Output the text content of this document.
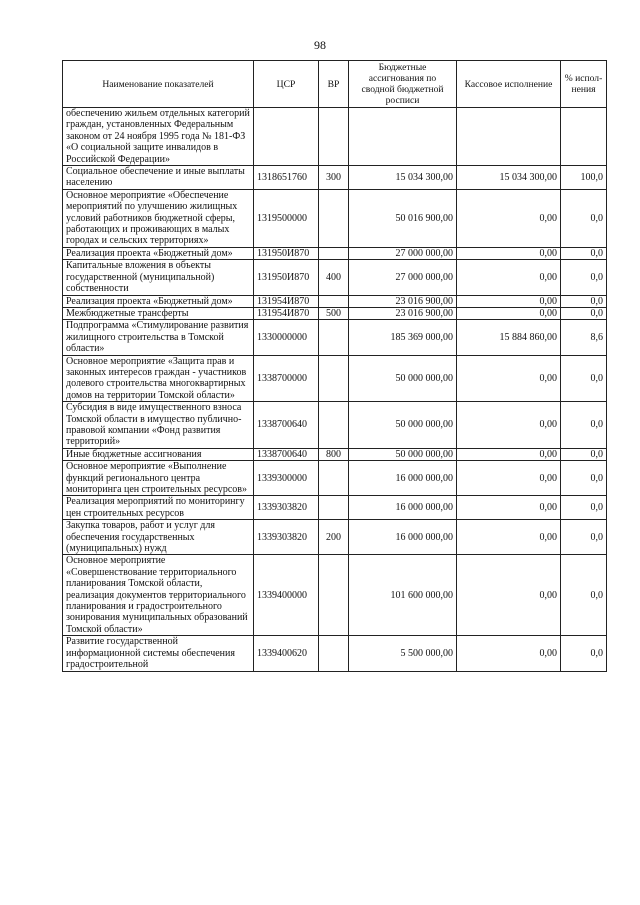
98
Наименование показателей	ЦСР	ВР	Бюджетные ассигнования по сводной бюджетной росписи	Кассовое исполнение	% испол-нения
обеспечению жильем отдельных категорий граждан, установленных Федеральным законом от 24 ноября 1995 года № 181-ФЗ «О социальной защите инвалидов в Российской Федерации»					
Социальное обеспечение и иные выплаты населению	1318651760	300	15 034 300,00	15 034 300,00	100,0
Основное мероприятие «Обеспечение мероприятий по улучшению жилищных условий работников бюджетной сферы, работающих и проживающих в малых городах и сельских территориях»	1319500000		50 016 900,00	0,00	0,0
Реализация проекта «Бюджетный дом»	131950И870		27 000 000,00	0,00	0,0
Капитальные вложения в объекты государственной (муниципальной) собственности	131950И870	400	27 000 000,00	0,00	0,0
Реализация проекта «Бюджетный дом»	131954И870		23 016 900,00	0,00	0,0
Межбюджетные трансферты	131954И870	500	23 016 900,00	0,00	0,0
Подпрограмма «Стимулирование развития жилищного строительства в Томской области»	1330000000		185 369 000,00	15 884 860,00	8,6
Основное мероприятие «Защита прав и законных интересов граждан - участников долевого строительства многоквартирных домов на территории Томской области»	1338700000		50 000 000,00	0,00	0,0
Субсидия в виде имущественного взноса Томской области в имущество публично-правовой компании «Фонд развития территорий»	1338700640		50 000 000,00	0,00	0,0
Иные бюджетные ассигнования	1338700640	800	50 000 000,00	0,00	0,0
Основное мероприятие «Выполнение функций регионального центра мониторинга цен строительных ресурсов»	1339300000		16 000 000,00	0,00	0,0
Реализация мероприятий по мониторингу цен строительных ресурсов	1339303820		16 000 000,00	0,00	0,0
Закупка товаров, работ и услуг для обеспечения государственных (муниципальных) нужд	1339303820	200	16 000 000,00	0,00	0,0
Основное мероприятие «Совершенствование территориального планирования Томской области, реализация документов территориального планирования и градостроительного зонирования муниципальных образований Томской области»	1339400000		101 600 000,00	0,00	0,0
Развитие государственной информационной системы обеспечения градостроительной	1339400620		5 500 000,00	0,00	0,0
